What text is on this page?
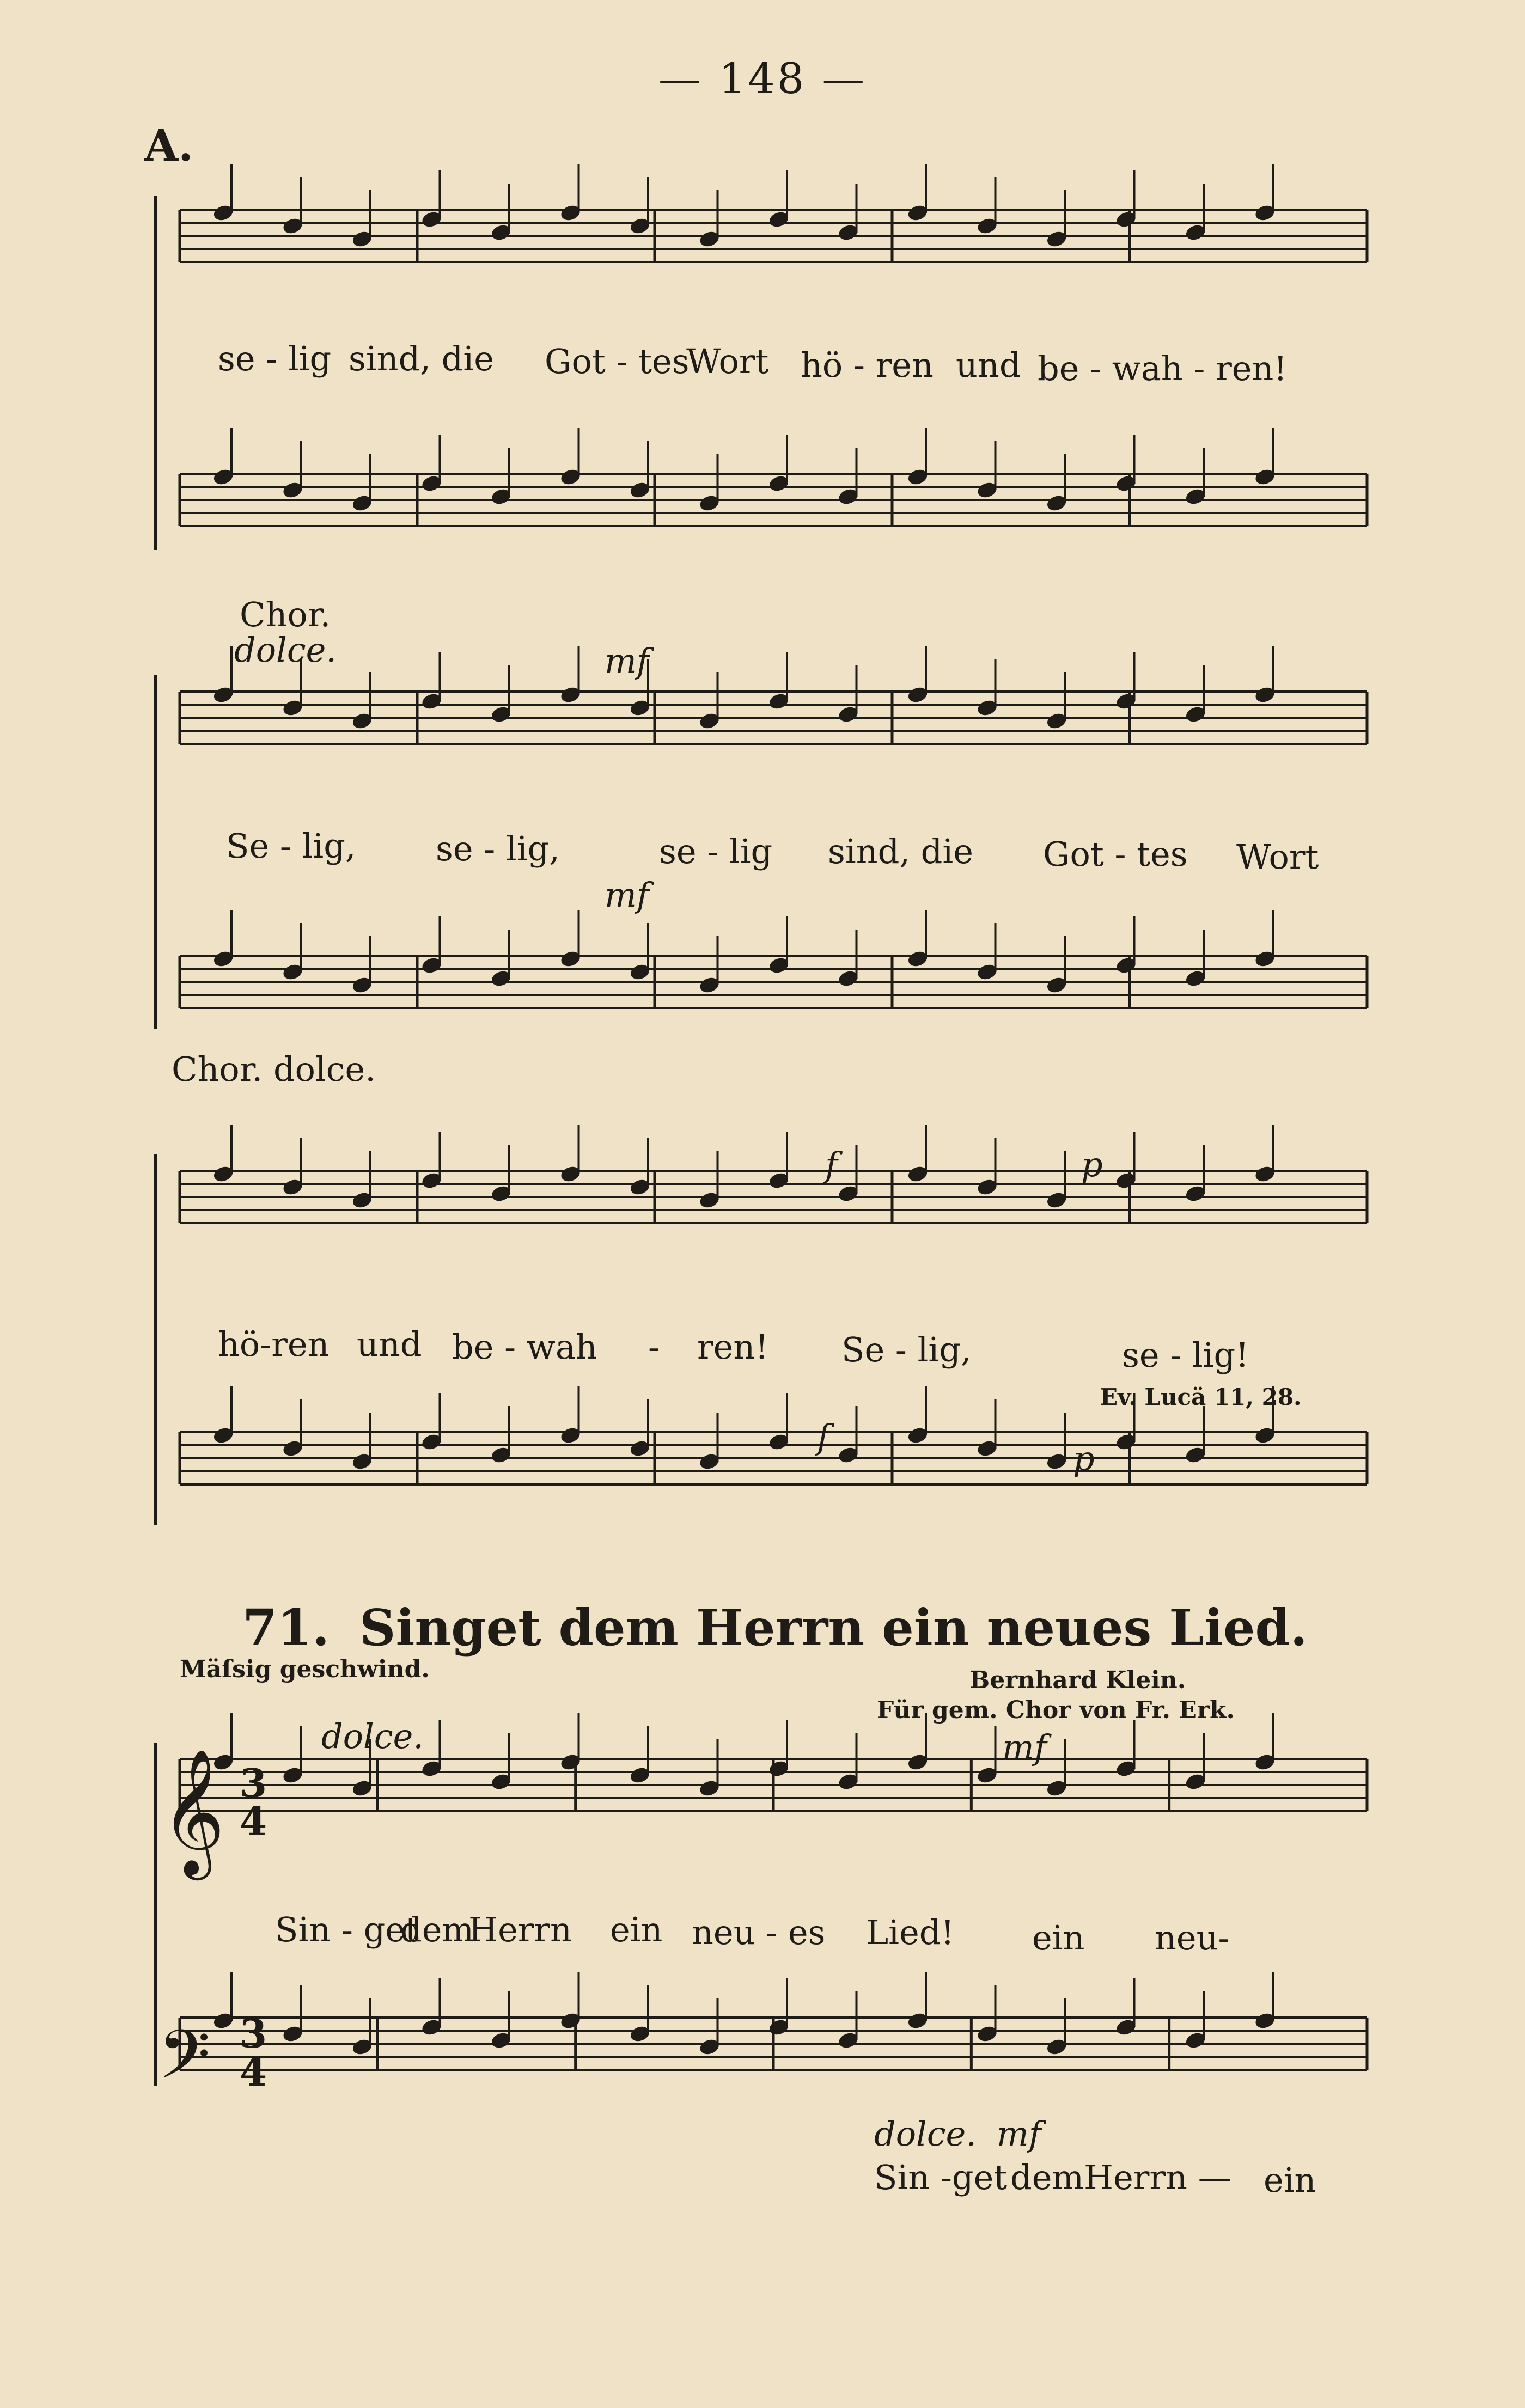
— 148 —
A.
se - lig sind, die Got - tes
Wort hö - ren und be - wah - ren!
Chor.
dolce.	mf
Se - lig, se - lig,	se - lig sind, die Got - tes Wort
mf
Chor. dolce.
f	p
hö-ren und be - wah - ren! Se - lig,	se - lig!
Ev. Lucä 11, 28.
f
p
dolce.	mf
Sin - get
dem
Herrn ein neu - es Lied! ein neu-
dolce. mf
Sin -get dem Herrn — ein
𝄞
𝄢
3
4
3
4
71. Singet dem Herrn ein neues Lied.
Mäſsig geschwind.	Bernhard Klein.
Für gem. Chor von Fr. Erk.
